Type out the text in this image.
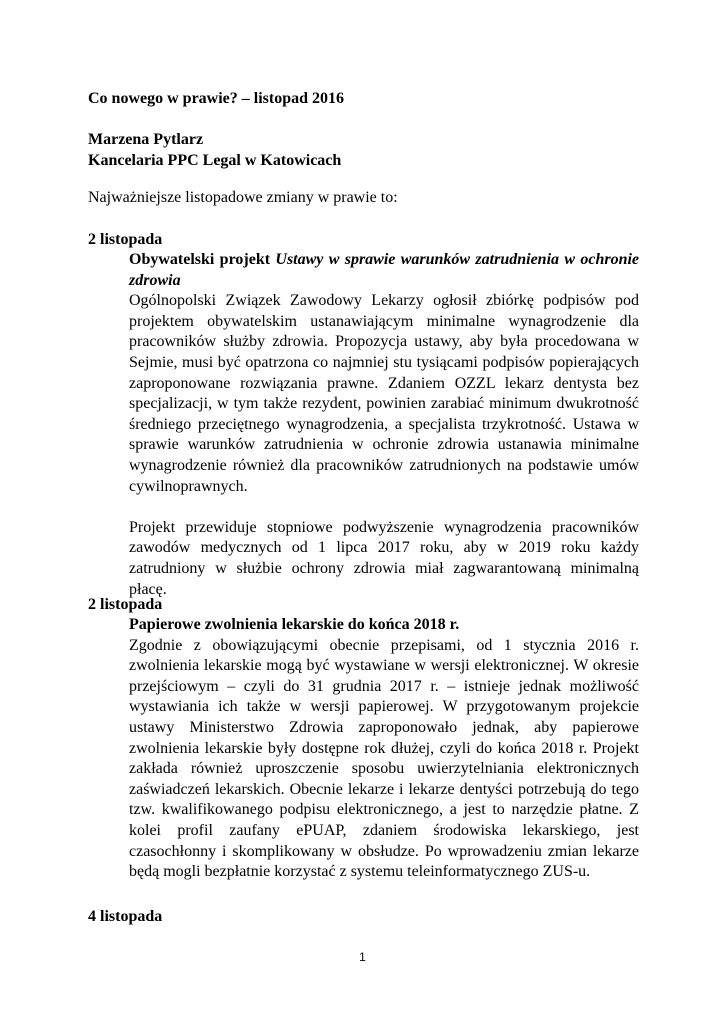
Co nowego w prawie? – listopad 2016
Marzena Pytlarz
Kancelaria PPC Legal w Katowicach
Najważniejsze listopadowe zmiany w prawie to:
2 listopada
Obywatelski projekt Ustawy w sprawie warunków zatrudnienia w ochronie zdrowia

Ogólnopolski Związek Zawodowy Lekarzy ogłosił zbiórkę podpisów pod projektem obywatelskim ustanawiającym minimalne wynagrodzenie dla pracowników służby zdrowia. Propozycja ustawy, aby była procedowana w Sejmie, musi być opatrzona co najmniej stu tysiącami podpisów popierających zaproponowane rozwiązania prawne. Zdaniem OZZL lekarz dentysta bez specjalizacji, w tym także rezydent, powinien zarabiać minimum dwukrotność średniego przeciętnego wynagrodzenia, a specjalista trzykrotność. Ustawa w sprawie warunków zatrudnienia w ochronie zdrowia ustanawia minimalne wynagrodzenie również dla pracowników zatrudnionych na podstawie umów cywilnoprawnych.

Projekt przewiduje stopniowe podwyższenie wynagrodzenia pracowników zawodów medycznych od 1 lipca 2017 roku, aby w 2019 roku każdy zatrudniony w służbie ochrony zdrowia miał zagwarantowaną minimalną płacę.

2 listopada
Papierowe zwolnienia lekarskie do końca 2018 r.

Zgodnie z obowiązującymi obecnie przepisami, od 1 stycznia 2016 r. zwolnienia lekarskie mogą być wystawiane w wersji elektronicznej. W okresie przejściowym – czyli do 31 grudnia 2017 r. – istnieje jednak możliwość wystawiania ich także w wersji papierowej. W przygotowanym projekcie ustawy Ministerstwo Zdrowia zaproponowało jednak, aby papierowe zwolnienia lekarskie były dostępne rok dłużej, czyli do końca 2018 r. Projekt zakłada również uproszczenie sposobu uwierzytelniania elektronicznych zaświadczeń lekarskich. Obecnie lekarze i lekarze dentyści potrzebują do tego tzw. kwalifikowanego podpisu elektronicznego, a jest to narzędzie płatne. Z kolei profil zaufany ePUAP, zdaniem środowiska lekarskiego, jest czasochłonny i skomplikowany w obsłudze. Po wprowadzeniu zmian lekarze będą mogli bezpłatnie korzystać z systemu teleinformatycznego ZUS-u.

4 listopada
1
